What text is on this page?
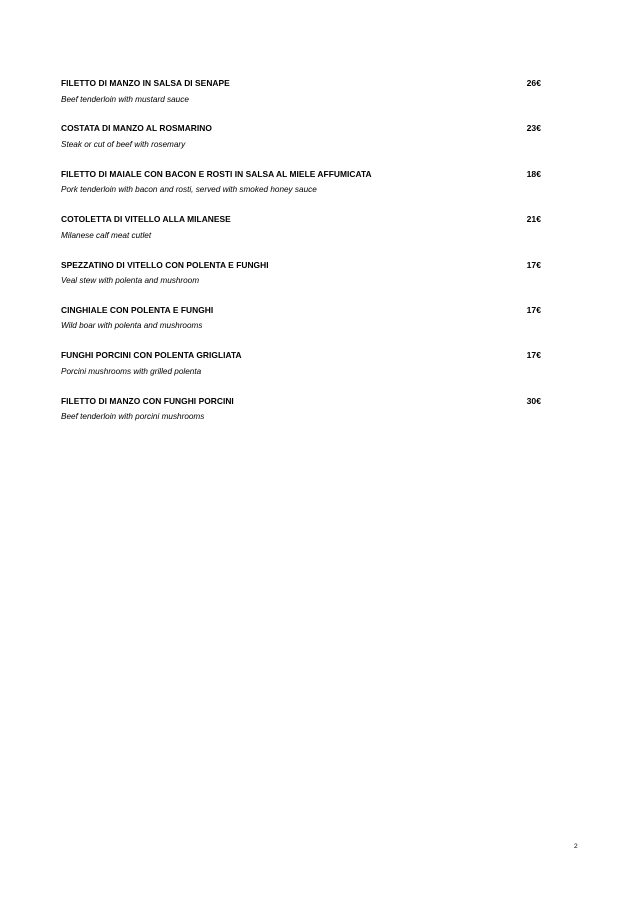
FILETTO DI MANZO IN SALSA DI SENAPE	26€
Beef tenderloin with mustard sauce
COSTATA DI MANZO AL ROSMARINO	23€
Steak or cut of beef with rosemary
FILETTO DI MAIALE CON BACON E ROSTI IN SALSA AL MIELE AFFUMICATA	18€
Pork tenderloin with bacon and rosti, served with smoked honey sauce
COTOLETTA DI VITELLO ALLA MILANESE	21€
Milanese calf meat cutlet
SPEZZATINO DI VITELLO CON POLENTA E FUNGHI	17€
Veal stew with polenta and mushroom
CINGHIALE CON POLENTA E FUNGHI	17€
Wild boar with polenta and mushrooms
FUNGHI PORCINI CON POLENTA GRIGLIATA	17€
Porcini mushrooms with grilled polenta
FILETTO DI MANZO CON FUNGHI PORCINI	30€
Beef tenderloin with porcini mushrooms
2
